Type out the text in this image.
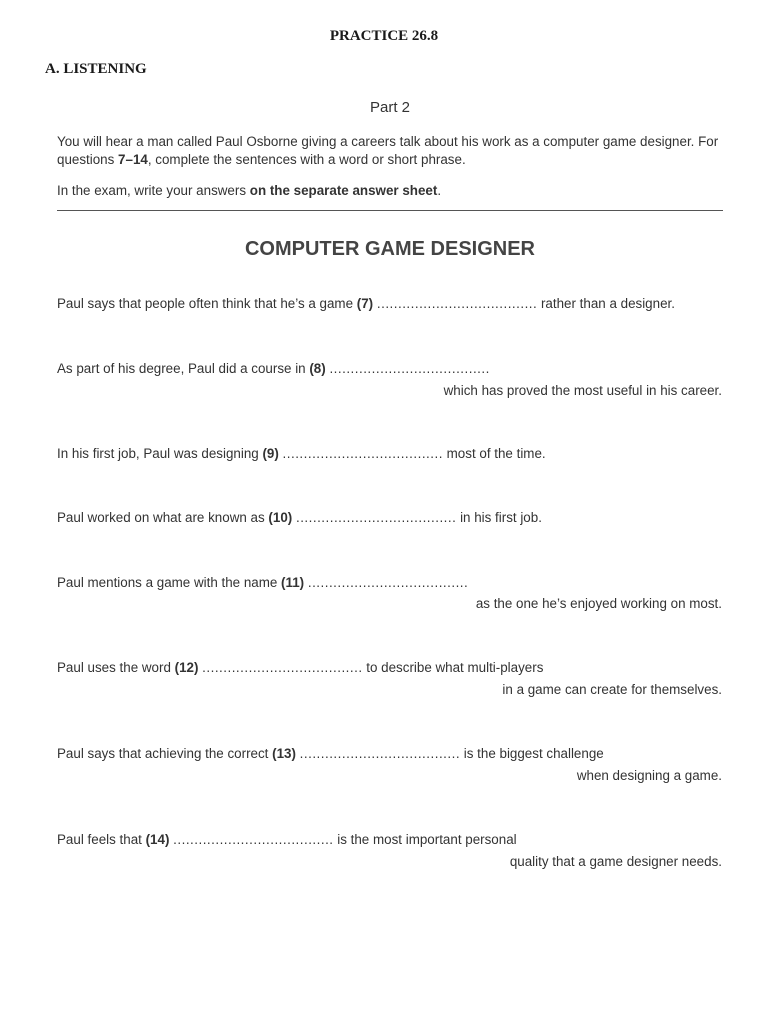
PRACTICE 26.8
A. LISTENING
Part 2
You will hear a man called Paul Osborne giving a careers talk about his work as a computer game designer. For questions 7–14, complete the sentences with a word or short phrase.
In the exam, write your answers on the separate answer sheet.
COMPUTER GAME DESIGNER
Paul says that people often think that he’s a game (7) ...................................... rather than a designer.
As part of his degree, Paul did a course in (8) ......................................
which has proved the most useful in his career.
In his first job, Paul was designing (9) ...................................... most of the time.
Paul worked on what are known as (10) ...................................... in his first job.
Paul mentions a game with the name (11) ......................................
as the one he’s enjoyed working on most.
Paul uses the word (12) ...................................... to describe what multi-players
in a game can create for themselves.
Paul says that achieving the correct (13) ...................................... is the biggest challenge
when designing a game.
Paul feels that (14) ...................................... is the most important personal
quality that a game designer needs.
